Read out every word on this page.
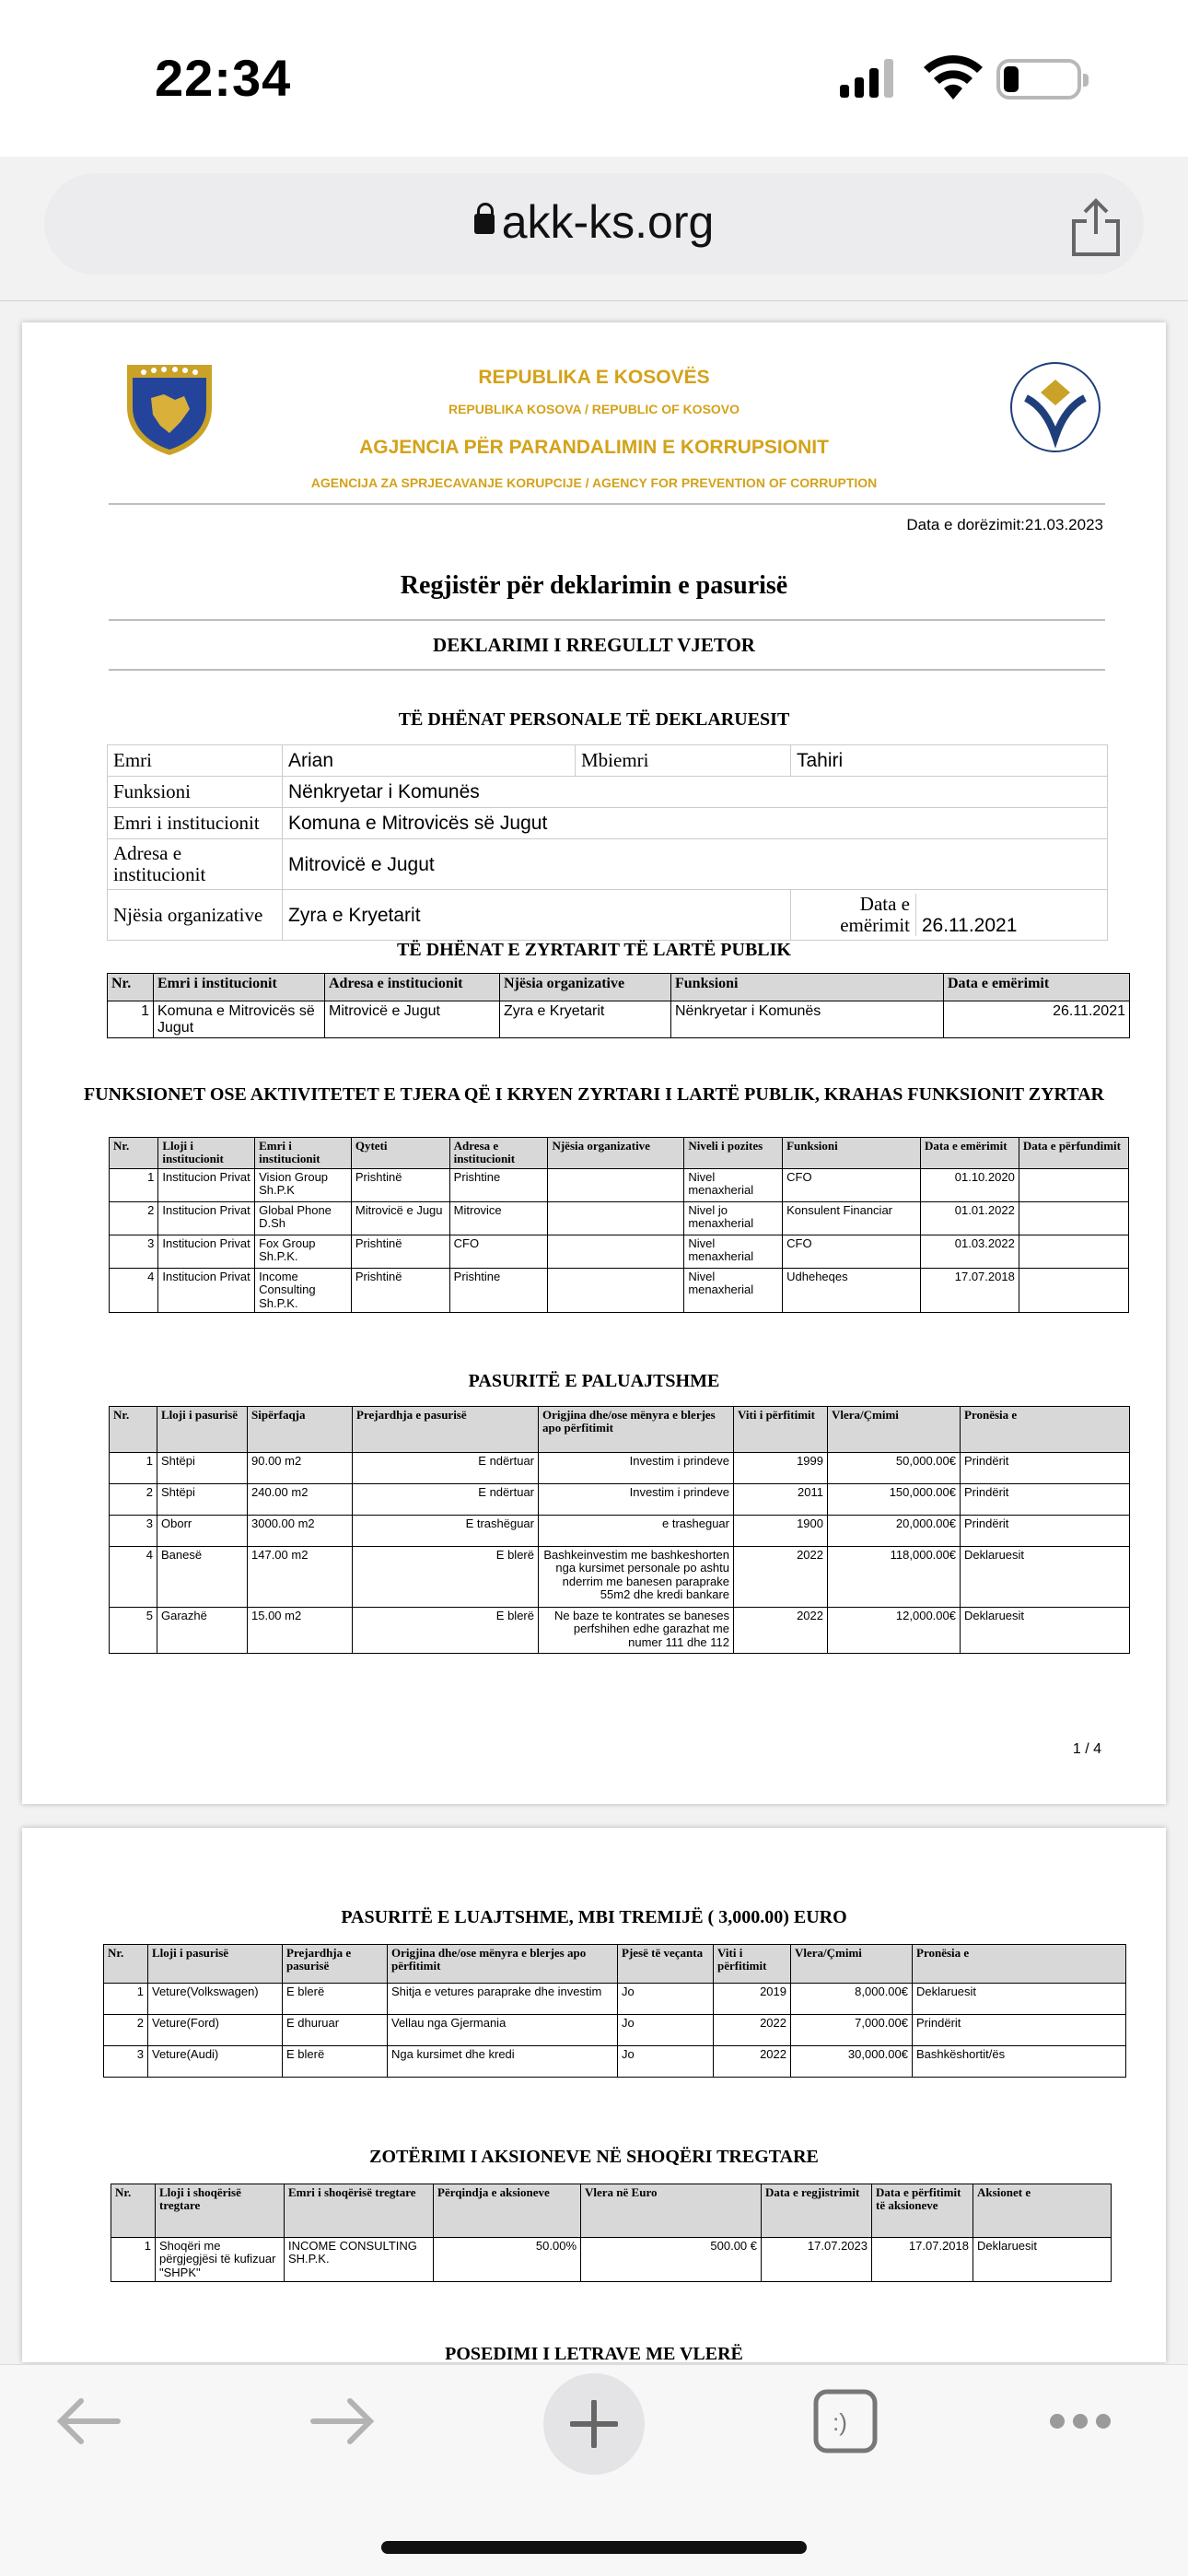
22:34
akk-ks.org
REPUBLIKA E KOSOVËS
REPUBLIKA KOSOVA / REPUBLIC OF KOSOVO
AGJENCIA PËR PARANDALIMIN E KORRUPSIONIT
AGENCIJA ZA SPRJECAVANJE KORUPCIJE / AGENCY FOR PREVENTION OF CORRUPTION
Data e dorëzimit:21.03.2023
Regjistër për deklarimin e pasurisë
DEKLARIMI I RREGULLT VJETOR
TË DHËNAT PERSONALE TË DEKLARUESIT
Emri	Arian	Mbiemri	Tahiri
Funksioni	Nënkryetar i Komunës		
Emri i institucionit	Komuna e Mitrovicës së Jugut		
Adresa e institucionit	Mitrovicë e Jugut		
Njësia organizative	Zyra e Kryetarit		Data e emërimit 26.11.2021
TË DHËNAT E ZYRTARIT TË LARTË PUBLIK
Nr.	Emri i institucionit	Adresa e institucionit	Njësia organizative	Funksioni	Data e emërimit
1	Komuna e Mitrovicës së Jugut	Mitrovicë e Jugut	Zyra e Kryetarit	Nënkryetar i Komunës	26.11.2021
FUNKSIONET OSE AKTIVITETET E TJERA QË I KRYEN ZYRTARI I LARTË PUBLIK, KRAHAS FUNKSIONIT ZYRTAR
Nr.	Lloji i institucionit	Emri i institucionit	Qyteti	Adresa e institucionit	Njësia organizative	Niveli i pozites	Funksioni	Data e emërimit	Data e përfundimit
1	Institucion Privat	Vision Group Sh.P.K	Prishtinë	Prishtine		Nivel menaxherial	CFO	01.10.2020	
2	Institucion Privat	Global Phone D.Sh	Mitrovicë e Jugu	Mitrovice		Nivel jo menaxherial	Konsulent Financiar	01.01.2022	
3	Institucion Privat	Fox Group Sh.P.K.	Prishtinë	CFO		Nivel menaxherial	CFO	01.03.2022	
4	Institucion Privat	Income Consulting Sh.P.K.	Prishtinë	Prishtine		Nivel menaxherial	Udheheqes	17.07.2018	
PASURITË E PALUAJTSHME
Nr.	Lloji i pasurisë	Sipërfaqja	Prejardhja e pasurisë	Origjina dhe/ose mënyra e blerjes apo përfitimit	Viti i përfitimit	Vlera/Çmimi	Pronësia e
1	Shtëpi	90.00 m2	E ndërtuar	Investim i prindeve	1999	50,000.00€	Prindërit
2	Shtëpi	240.00 m2	E ndërtuar	Investim i prindeve	2011	150,000.00€	Prindërit
3	Oborr	3000.00 m2	E trashëguar	e trasheguar	1900	20,000.00€	Prindërit
4	Banesë	147.00 m2	E blerë	Bashkeinvestim me bashkeshorten nga kursimet personale po ashtu nderrim me banesen paraprake 55m2 dhe kredi bankare	2022	118,000.00€	Deklaruesit
5	Garazhë	15.00 m2	E blerë	Ne baze te kontrates se baneses perfshihen edhe garazhat me numer 111 dhe 112	2022	12,000.00€	Deklaruesit
1 / 4
PASURITË E LUAJTSHME, MBI TREMIJË ( 3,000.00) EURO
Nr.	Lloji i pasurisë	Prejardhja e pasurisë	Origjina dhe/ose mënyra e blerjes apo përfitimit	Pjesë të veçanta	Viti i përfitimit	Vlera/Çmimi	Pronësia e
1	Veture(Volkswagen)	E blerë	Shitja e vetures paraprake dhe investim	Jo	2019	8,000.00€	Deklaruesit
2	Veture(Ford)	E dhuruar	Vellau nga Gjermania	Jo	2022	7,000.00€	Prindërit
3	Veture(Audi)	E blerë	Nga kursimet dhe kredi	Jo	2022	30,000.00€	Bashkëshortit/ës
ZOTËRIMI I AKSIONEVE NË SHOQËRI TREGTARE
Nr.	Lloji i shoqërisë tregtare	Emri i shoqërisë tregtare	Përqindja e aksioneve	Vlera në Euro	Data e regjistrimit	Data e përfitimit të aksioneve	Aksionet e
1	Shoqëri me përgjegjësi të kufizuar "SHPK"	INCOME CONSULTING SH.P.K.	50.00%	500.00 €	17.07.2023	17.07.2018	Deklaruesit
POSEDIMI I LETRAVE ME VLERË
:)
